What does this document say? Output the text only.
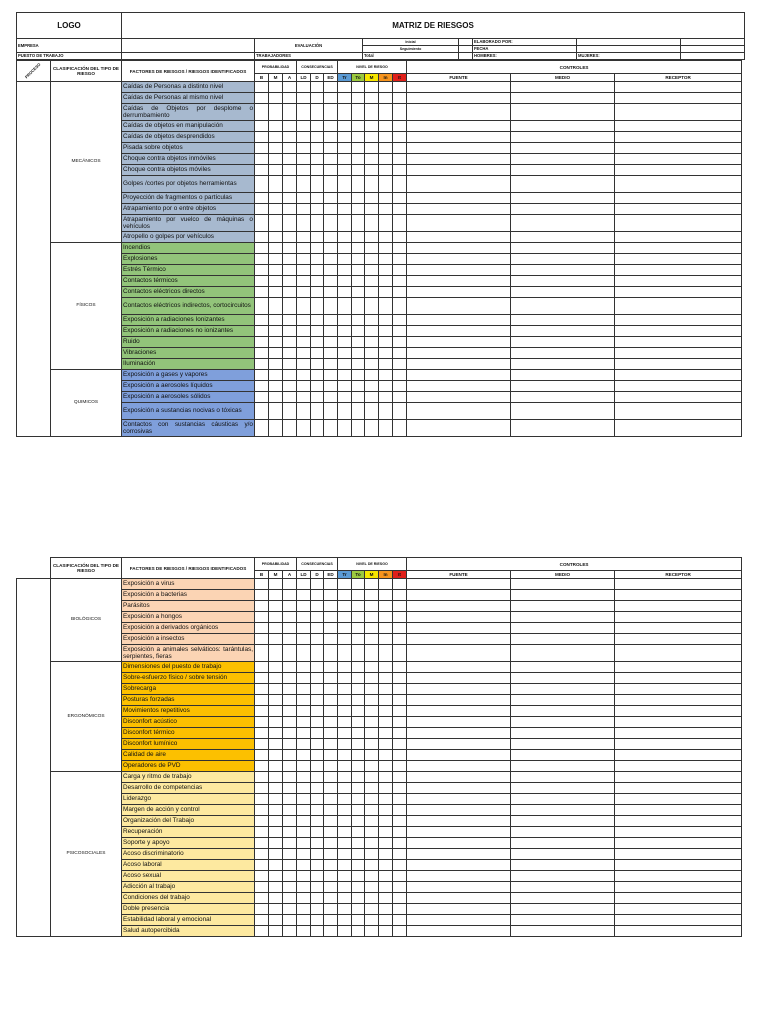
LOGO	MATRIZ DE RIESGOS						
EMPRESA		EVALUACIÓN	Inicial		ELABORADO POR:		
			Seguimiento		FECHA		
PUESTO DE TRABAJO		TRABAJADORES	Total		HOMBRES:	MUJERES:	
PROCESO	CLASIFICACIÓN DEL TIPO DE RIESGO	FACTORES DE RIESGOS / RIESGOS IDENTIFICADOS	PROBABILIDAD			CONSECUENCIAS			NIVEL DE RIESGO					CONTROLES		
			B	M	A	LD	D	ED	Tr	To	M	In	It	FUENTE	MEDIO	RECEPTOR
	MECÁNICOS	Caídas de Personas a distinto nivel														
		Caídas de Personas al mismo nivel														
		Caídas de Objetos por desplome o derrumbamiento														
		Caídas de objetos en manipulación														
		Caídas de objetos desprendidos														
		Pisada sobre objetos														
		Choque contra objetos inmóviles														
		Choque contra objetos móviles														
		Golpes /cortes por objetos herramientas														
		Proyección de fragmentos o partículas														
		Atrapamiento por o entre objetos														
		Atrapamiento por vuelco de máquinas o vehículos														
		Atropello o golpes por vehículos														
	FÍSICOS	Incendios														
		Explosiones														
		Estrés Térmico														
		Contactos térmicos														
		Contactos eléctricos directos														
		Contactos eléctricos indirectos, cortocircuitos														
		Exposición a radiaciones Ionizantes														
		Exposición a radiaciones no ionizantes														
		Ruido														
		Vibraciones														
		Iluminación														
	QUIMICOS	Exposición a gases y vapores														
		Exposición a aerosoles líquidos														
		Exposición a aerosoles sólidos														
		Exposición a sustancias nocivas o tóxicas														
		Contactos con sustancias cáusticas y/o corrosivas														
	CLASIFICACIÓN DEL TIPO DE RIESGO	FACTORES DE RIESGOS / RIESGOS IDENTIFICADOS	PROBABILIDAD			CONSECUENCIAS			NIVEL DE RIESGO					CONTROLES		
			B	M	A	LD	D	ED	Tr	To	M	In	It	FUENTE	MEDIO	RECEPTOR
	BIOLÓGICOS	Exposición a virus														
		Exposición a bacterias														
		Parásitos														
		Exposición a hongos														
		Exposición a derivados orgánicos														
		Exposición a insectos														
		Exposición a animales selváticos: tarántulas, serpientes, fieras														
	ERGONÓMICOS	Dimensiones del puesto de trabajo														
		Sobre-esfuerzo físico / sobre tensión														
		Sobrecarga														
		Posturas forzadas														
		Movimientos repetitivos														
		Disconfort acústico														
		Disconfort térmico														
		Disconfort lumínico														
		Calidad de aire														
		Operadores de PVD														
	PSICOSOCIALES	Carga y ritmo de trabajo														
		Desarrollo de competencias														
		Liderazgo														
		Margen de acción y control														
		Organización del Trabajo														
		Recuperación														
		Soporte y apoyo														
		Acoso discriminatorio														
		Acoso laboral														
		Acoso sexual														
		Adicción al trabajo														
		Condiciones del trabajo														
		Doble presencia														
		Estabilidad laboral y emocional														
		Salud autopercibida														
